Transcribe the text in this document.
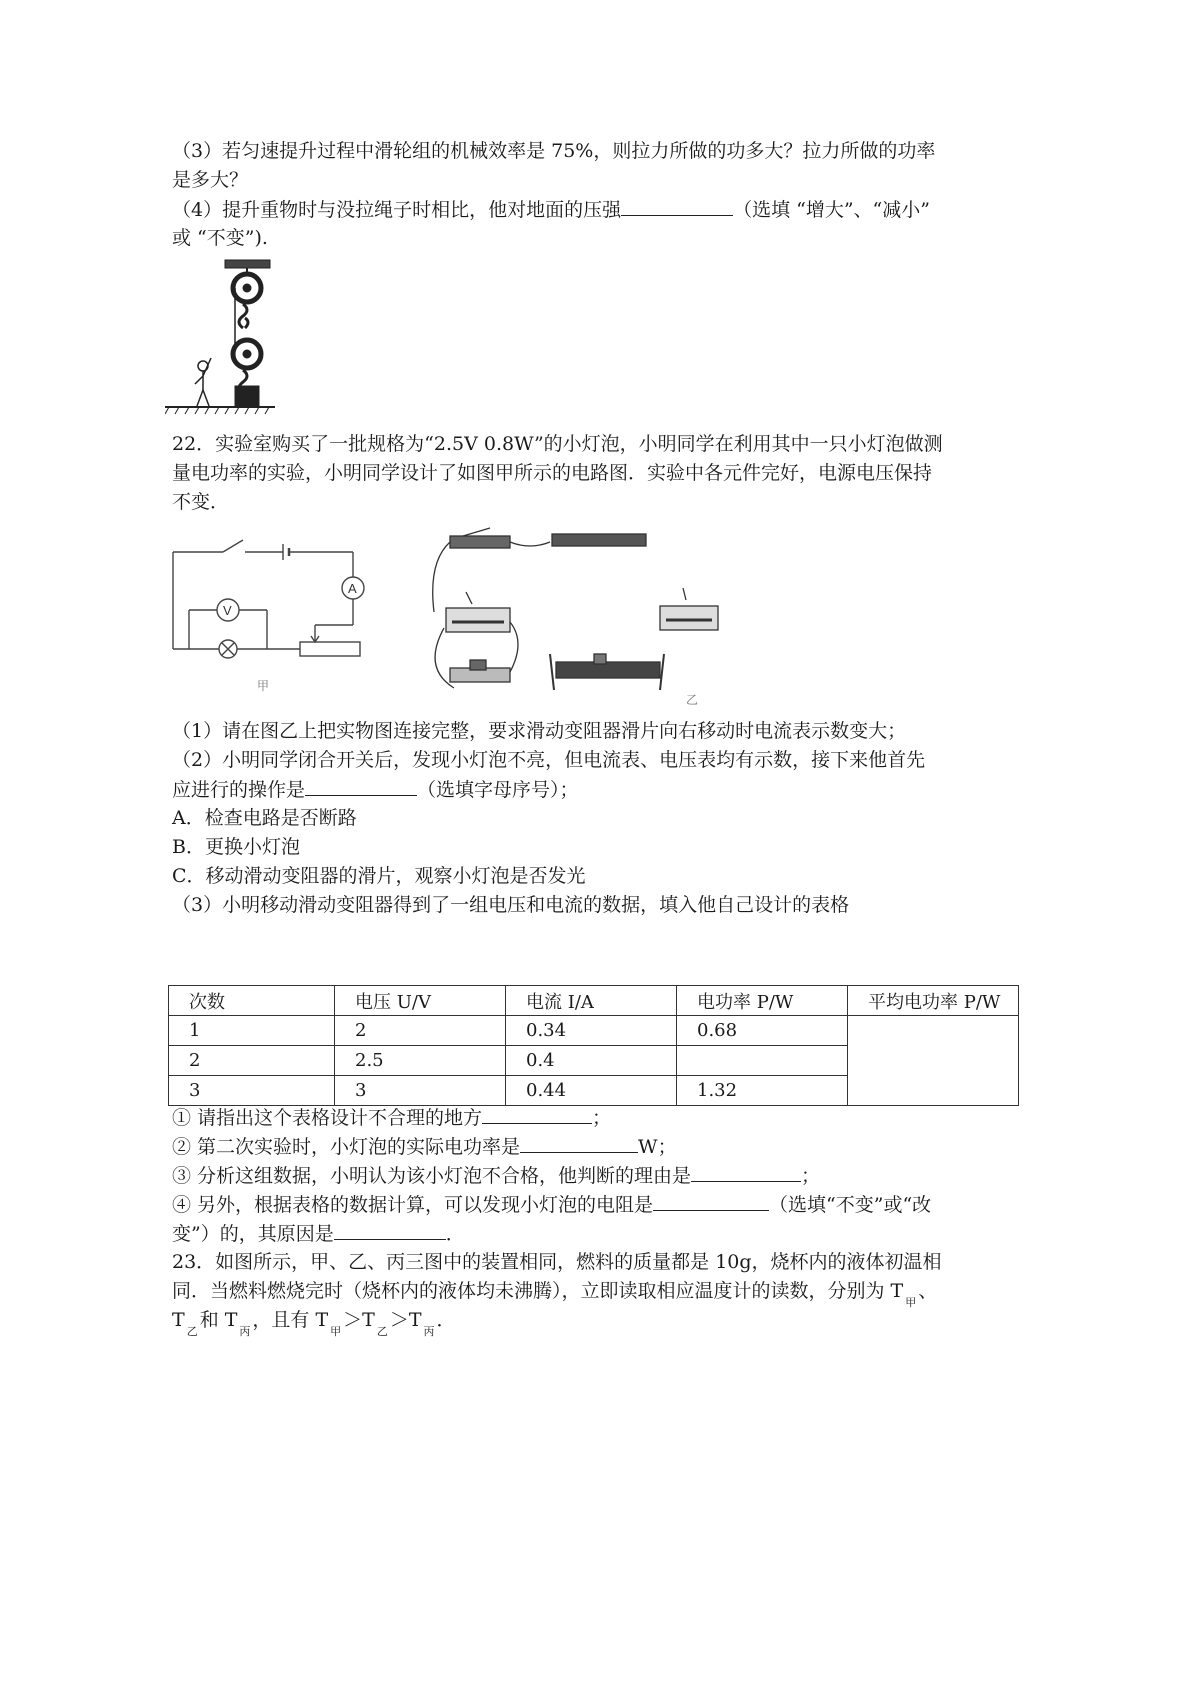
（3）若匀速提升过程中滑轮组的机械效率是 75%，则拉力所做的功多大？拉力所做的功率
是多大？
（4）提升重物时与没拉绳子时相比，他对地面的压强	（选填 “增大”、“减小”
或 “不变”).
22．实验室购买了一批规格为“2.5V 0.8W”的小灯泡，小明同学在利用其中一只小灯泡做测
量电功率的实验，小明同学设计了如图甲所示的电路图．实验中各元件完好，电源电压保持
不变．
A
V
甲
乙
（1）请在图乙上把实物图连接完整，要求滑动变阻器滑片向右移动时电流表示数变大；
（2）小明同学闭合开关后，发现小灯泡不亮，但电流表、电压表均有示数，接下来他首先
应进行的操作是	（选填字母序号）；
A．检查电路是否断路
B．更换小灯泡
C．移动滑动变阻器的滑片，观察小灯泡是否发光
（3）小明移动滑动变阻器得到了一组电压和电流的数据，填入他自己设计的表格
次数	电压 U/V	电流 I/A	电功率 P/W	平均电功率 P/W
1	2	0.34	0.68	
2	2.5	0.4		
3	3	0.44	1.32	
① 请指出这个表格设计不合理的地方	；
② 第二次实验时，小灯泡的实际电功率是	W；
③ 分析这组数据，小明认为该小灯泡不合格，他判断的理由是	；
④ 另外，根据表格的数据计算，可以发现小灯泡的电阻是	（选填“不变”或“改
变”）的，其原因是	．
23．如图所示，甲、乙、丙三图中的装置相同，燃料的质量都是 10g，烧杯内的液体初温相
同．当燃料燃烧完时（烧杯内的液体均未沸腾），立即读取相应温度计的读数，分别为 $T_甲$、
$T_乙$和 $T_丙$，且有 $T_甲>T_乙>T_丙$．
